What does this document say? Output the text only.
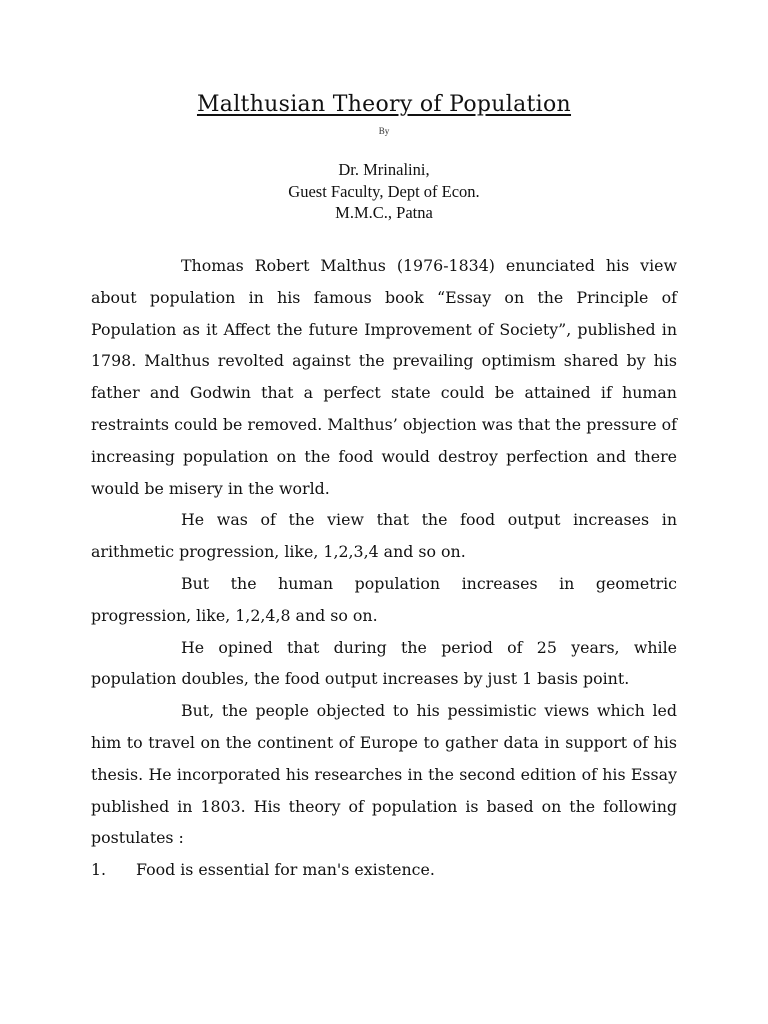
Malthusian Theory of Population
By
Dr. Mrinalini,
Guest Faculty, Dept of Econ.
M.M.C., Patna

Thomas Robert Malthus (1976-1834) enunciated his view about population in his famous book “Essay on the Principle of Population as it Affect the future Improvement of Society”, published in 1798. Malthus revolted against the prevailing optimism shared by his father and Godwin that a perfect state could be attained if human restraints could be removed. Malthus’ objection was that the pressure of increasing population on the food would destroy perfection and there would be misery in the world.

He was of the view that the food output increases in arithmetic progression, like, 1,2,3,4 and so on.

But the human population increases in geometric progression, like, 1,2,4,8 and so on.

He opined that during the period of 25 years, while population doubles, the food output increases by just 1 basis point.

But, the people objected to his pessimistic views which led him to travel on the continent of Europe to gather data in support of his thesis. He incorporated his researches in the second edition of his Essay published in 1803. His theory of population is based on the following postulates :

1.	Food is essential for man's existence.
